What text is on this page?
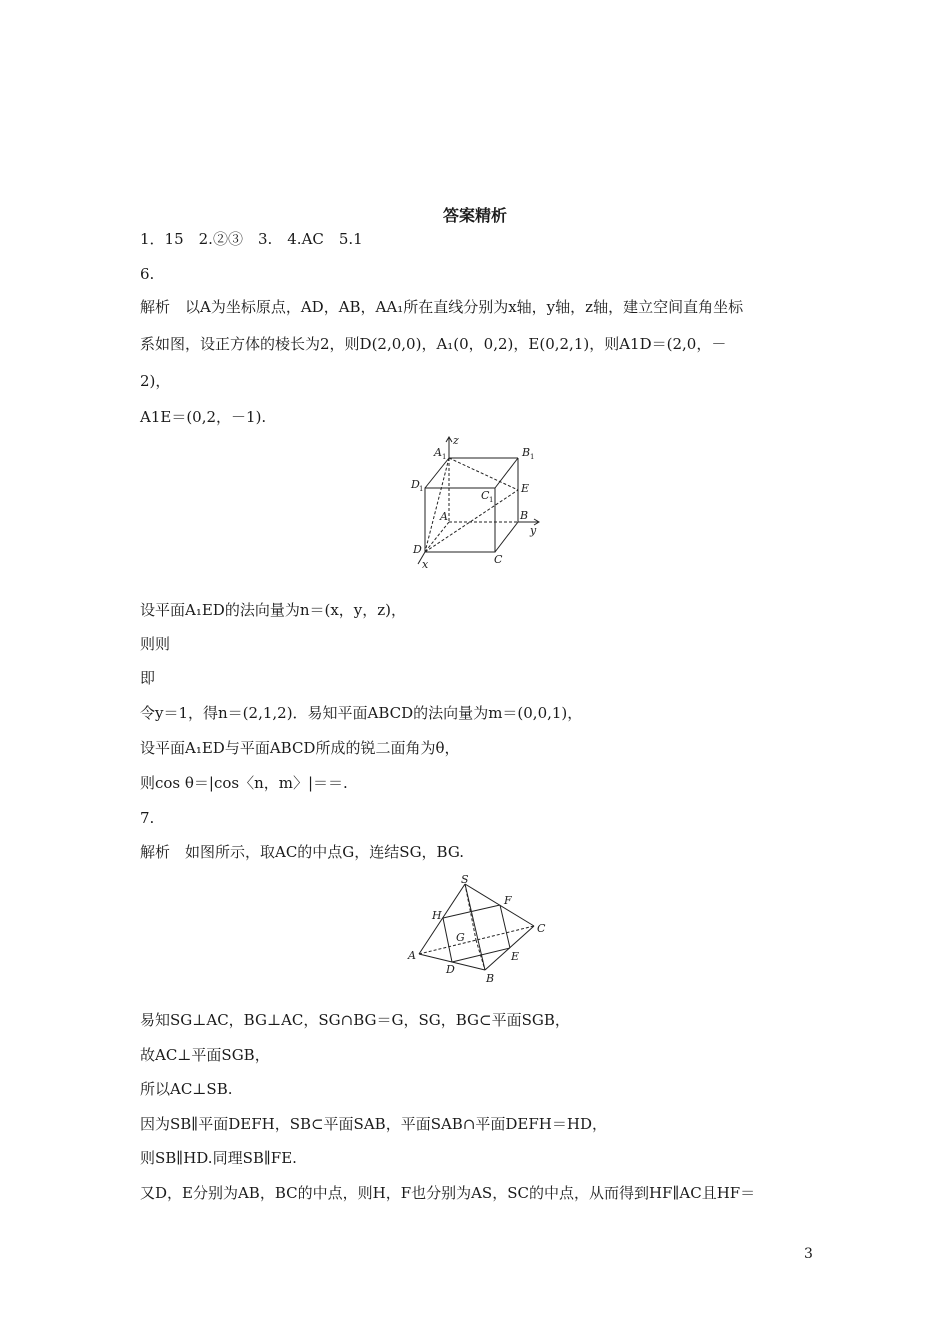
答案精析
1．15　2.②③　3.　4.AC　5.1
6.
解析　以A为坐标原点，AD，AB，AA₁所在直线分别为x轴，y轴，z轴，建立空间直角坐标
系如图，设正方体的棱长为2，则D(2,0,0)，A₁(0，0,2)，E(0,2,1)，则A1D＝(2,0，－
2)，
A1E＝(0,2，－1).
A 1
z
B 1
D 1	C 1
E
A	B
y
D
C
x
设平面A₁ED的法向量为n＝(x，y，z)，
则则
即
令y＝1，得n＝(2,1,2)．易知平面ABCD的法向量为m＝(0,0,1)，
设平面A₁ED与平面ABCD所成的锐二面角为θ，
则cos θ＝|cos〈n，m〉|＝＝.
7.
解析　如图所示，取AC的中点G，连结SG，BG.
S
F
H
G
C
A
D
E
B
易知SG⊥AC，BG⊥AC，SG∩BG＝G，SG，BG⊂平面SGB，
故AC⊥平面SGB，
所以AC⊥SB.
因为SB∥平面DEFH，SB⊂平面SAB，平面SAB∩平面DEFH＝HD，
则SB∥HD.同理SB∥FE.
又D，E分别为AB，BC的中点，则H，F也分别为AS，SC的中点，从而得到HF∥AC且HF＝
3
